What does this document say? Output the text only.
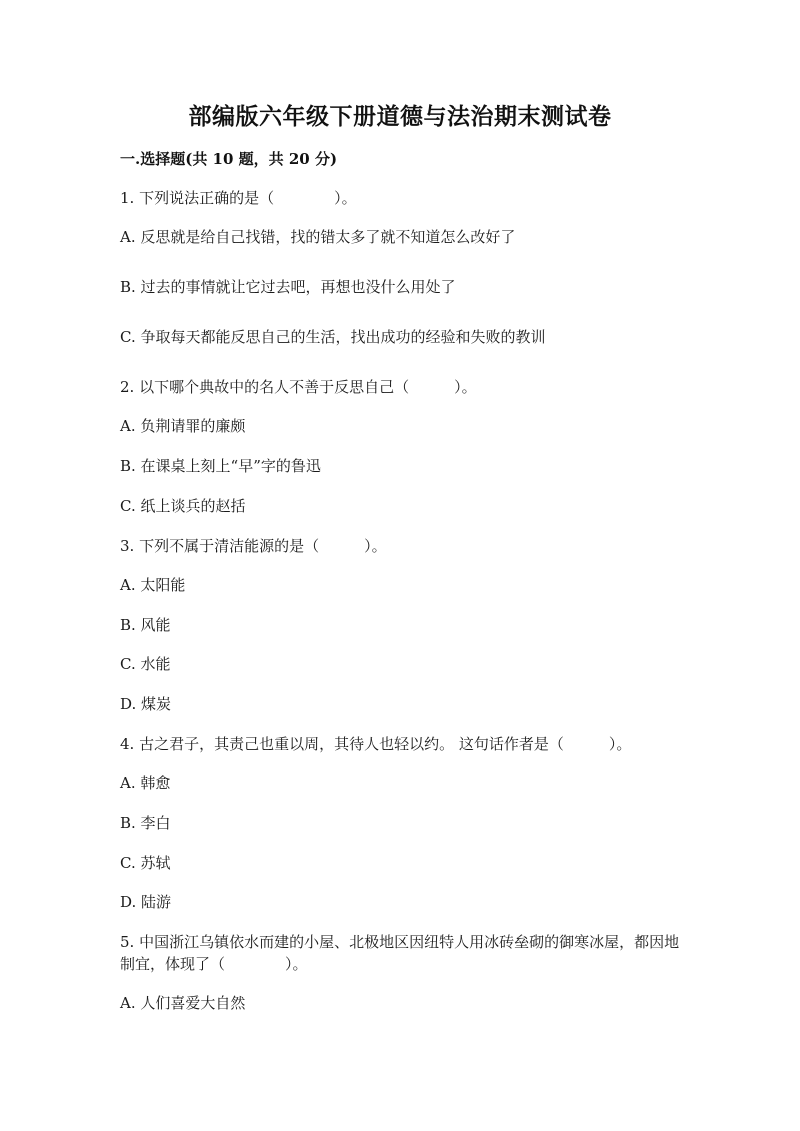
部编版六年级下册道德与法治期末测试卷
一.选择题(共 10 题，共 20 分)
1. 下列说法正确的是（　　　　）。
A. 反思就是给自己找错，找的错太多了就不知道怎么改好了
B. 过去的事情就让它过去吧，再想也没什么用处了
C. 争取每天都能反思自己的生活，找出成功的经验和失败的教训
2. 以下哪个典故中的名人不善于反思自己（　　　）。
A. 负荆请罪的廉颇
B. 在课桌上刻上“早”字的鲁迅
C. 纸上谈兵的赵括
3. 下列不属于清洁能源的是（　　　）。
A. 太阳能
B. 风能
C. 水能
D. 煤炭
4. 古之君子，其责己也重以周，其待人也轻以约。 这句话作者是（　　　）。
A. 韩愈
B. 李白
C. 苏轼
D. 陆游
5. 中国浙江乌镇依水而建的小屋、北极地区因纽特人用冰砖垒砌的御寒冰屋，都因地制宜，体现了（　　　　）。
A. 人们喜爱大自然
